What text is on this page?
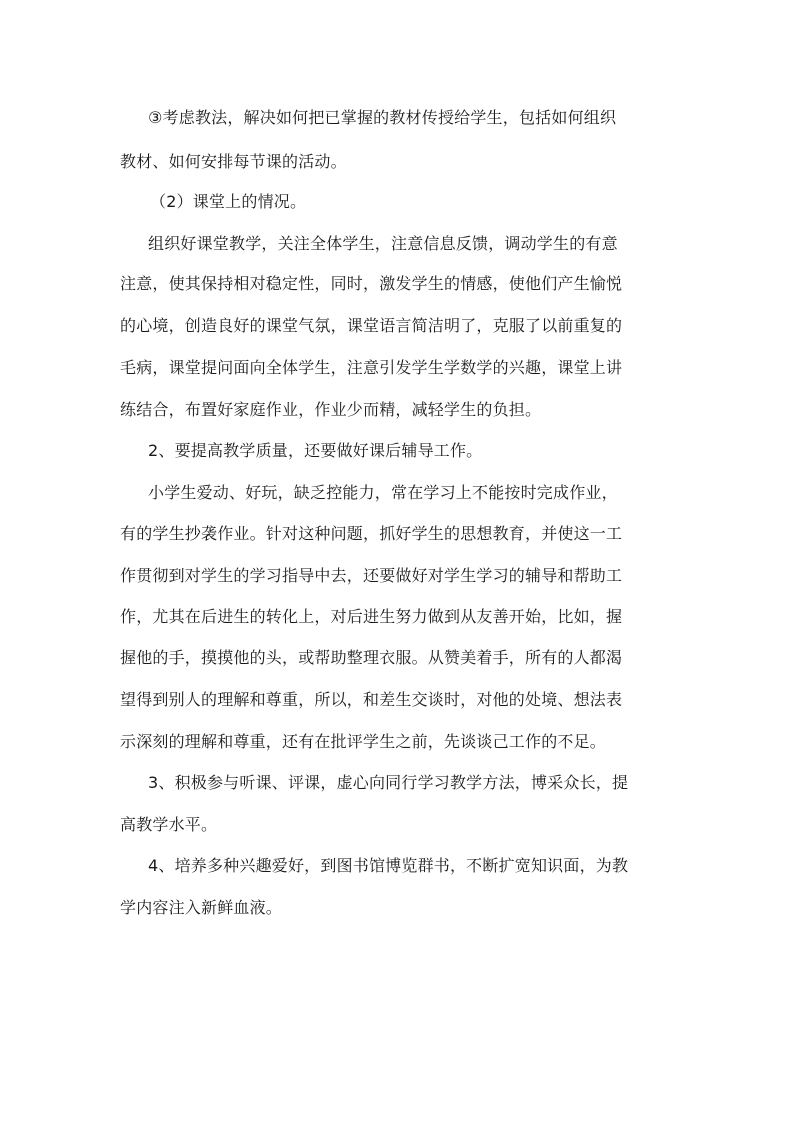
③考虑教法，解决如何把已掌握的教材传授给学生，包括如何组织
教材、如何安排每节课的活动。
（2）课堂上的情况。
组织好课堂教学，关注全体学生，注意信息反馈，调动学生的有意
注意，使其保持相对稳定性，同时，激发学生的情感，使他们产生愉悦
的心境，创造良好的课堂气氛，课堂语言简洁明了，克服了以前重复的
毛病，课堂提问面向全体学生，注意引发学生学数学的兴趣，课堂上讲
练结合，布置好家庭作业，作业少而精，减轻学生的负担。
2、要提高教学质量，还要做好课后辅导工作。
小学生爱动、好玩，缺乏控能力，常在学习上不能按时完成作业，
有的学生抄袭作业。针对这种问题，抓好学生的思想教育，并使这一工
作贯彻到对学生的学习指导中去，还要做好对学生学习的辅导和帮助工
作，尤其在后进生的转化上，对后进生努力做到从友善开始，比如，握
握他的手，摸摸他的头，或帮助整理衣服。从赞美着手，所有的人都渴
望得到别人的理解和尊重，所以，和差生交谈时，对他的处境、想法表
示深刻的理解和尊重，还有在批评学生之前，先谈谈己工作的不足。
3、积极参与听课、评课，虚心向同行学习教学方法，博采众长，提
高教学水平。
4、培养多种兴趣爱好，到图书馆博览群书，不断扩宽知识面，为教
学内容注入新鲜血液。
